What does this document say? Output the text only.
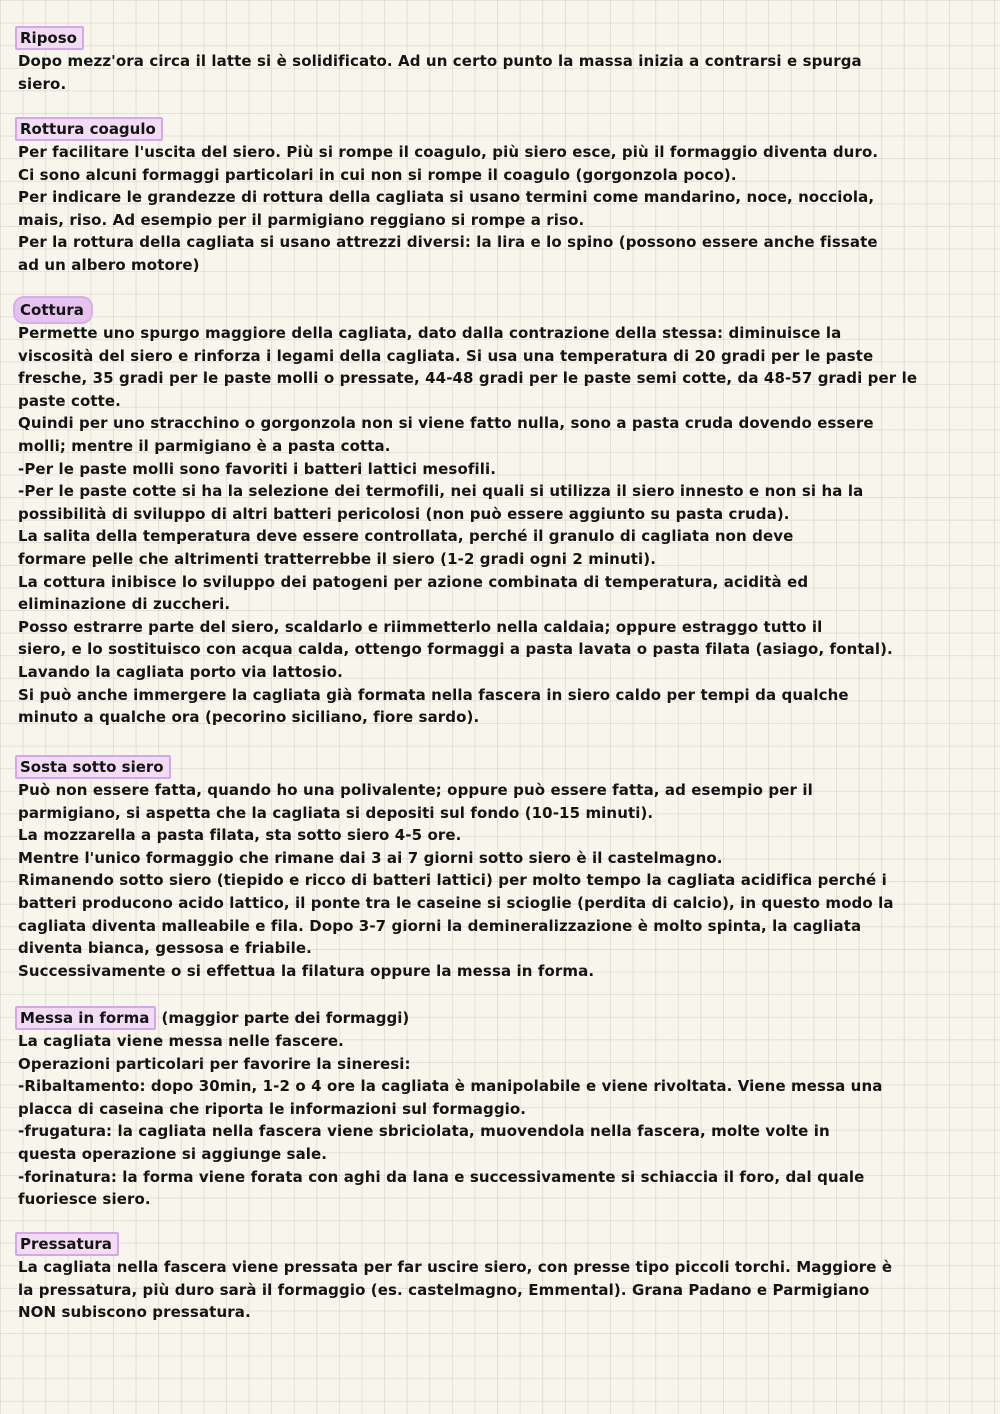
Riposo
Dopo mezz'ora circa il latte si è solidificato. Ad un certo punto la massa inizia a contrarsi e spurga
siero.
Rottura coagulo
Per facilitare l'uscita del siero. Più si rompe il coagulo, più siero esce, più il formaggio diventa duro.
Ci sono alcuni formaggi particolari in cui non si rompe il coagulo (gorgonzola poco).
Per indicare le grandezze di rottura della cagliata si usano termini come mandarino, noce, nocciola,
mais, riso. Ad esempio per il parmigiano reggiano si rompe a riso.
Per la rottura della cagliata si usano attrezzi diversi: la lira e lo spino (possono essere anche fissate
ad un albero motore)
Cottura
Permette uno spurgo maggiore della cagliata, dato dalla contrazione della stessa: diminuisce la
viscosità del siero e rinforza i legami della cagliata. Si usa una temperatura di 20 gradi per le paste
fresche, 35 gradi per le paste molli o pressate, 44-48 gradi per le paste semi cotte, da 48-57 gradi per le
paste cotte.
Quindi per uno stracchino o gorgonzola non si viene fatto nulla, sono a pasta cruda dovendo essere
molli; mentre il parmigiano è a pasta cotta.
-Per le paste molli sono favoriti i batteri lattici mesofili.
-Per le paste cotte si ha la selezione dei termofili, nei quali si utilizza il siero innesto e non si ha la
possibilità di sviluppo di altri batteri pericolosi (non può essere aggiunto su pasta cruda).
La salita della temperatura deve essere controllata, perché il granulo di cagliata non deve
formare pelle che altrimenti tratterrebbe il siero (1-2 gradi ogni 2 minuti).
La cottura inibisce lo sviluppo dei patogeni per azione combinata di temperatura, acidità ed
eliminazione di zuccheri.
Posso estrarre parte del siero, scaldarlo e riimmetterlo nella caldaia; oppure estraggo tutto il
siero, e lo sostituisco con acqua calda, ottengo formaggi a pasta lavata o pasta filata (asiago, fontal).
Lavando la cagliata porto via lattosio.
Si può anche immergere la cagliata già formata nella fascera in siero caldo per tempi da qualche
minuto a qualche ora (pecorino siciliano, fiore sardo).
Sosta sotto siero
Può non essere fatta, quando ho una polivalente; oppure può essere fatta, ad esempio per il
parmigiano, si aspetta che la cagliata si depositi sul fondo (10-15 minuti).
La mozzarella a pasta filata, sta sotto siero 4-5 ore.
Mentre l'unico formaggio che rimane dai 3 ai 7 giorni sotto siero è il castelmagno.
Rimanendo sotto siero (tiepido e ricco di batteri lattici) per molto tempo la cagliata acidifica perché i
batteri producono acido lattico, il ponte tra le caseine si scioglie (perdita di calcio), in questo modo la
cagliata diventa malleabile e fila. Dopo 3-7 giorni la demineralizzazione è molto spinta, la cagliata
diventa bianca, gessosa e friabile.
Successivamente o si effettua la filatura oppure la messa in forma.
Messa in forma (maggior parte dei formaggi)
La cagliata viene messa nelle fascere.
Operazioni particolari per favorire la sineresi:
-Ribaltamento: dopo 30min, 1-2 o 4 ore la cagliata è manipolabile e viene rivoltata. Viene messa una
placca di caseina che riporta le informazioni sul formaggio.
-frugatura: la cagliata nella fascera viene sbriciolata, muovendola nella fascera, molte volte in
questa operazione si aggiunge sale.
-forinatura: la forma viene forata con aghi da lana e successivamente si schiaccia il foro, dal quale
fuoriesce siero.
Pressatura
La cagliata nella fascera viene pressata per far uscire siero, con presse tipo piccoli torchi. Maggiore è
la pressatura, più duro sarà il formaggio (es. castelmagno, Emmental). Grana Padano e Parmigiano
NON subiscono pressatura.
